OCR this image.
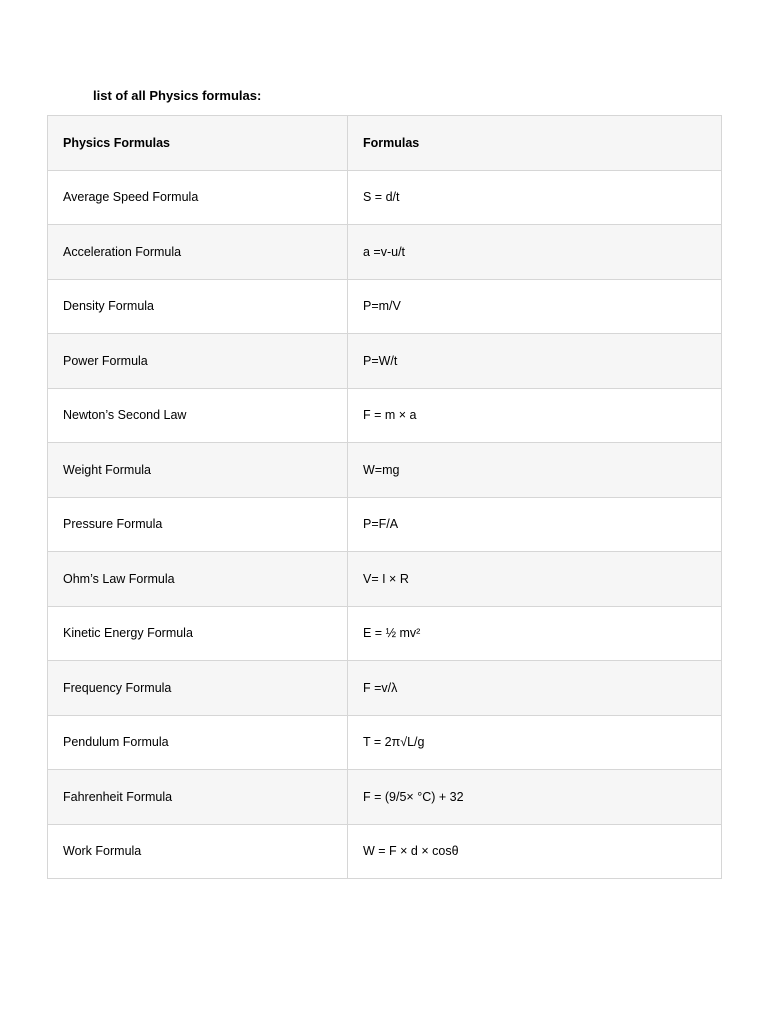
list of all Physics formulas:
Physics Formulas	Formulas
Average Speed Formula	S = d/t
Acceleration Formula	a =v-u/t
Density Formula	P=m/V
Power Formula	P=W/t
Newton’s Second Law	F = m × a
Weight Formula	W=mg
Pressure Formula	P=F/A
Ohm’s Law Formula	V= I × R
Kinetic Energy Formula	E = ½ mv²
Frequency Formula	F =v/λ
Pendulum Formula	T = 2π√L/g
Fahrenheit Formula	F = (9/5× °C) + 32
Work Formula	W = F × d × cosθ
